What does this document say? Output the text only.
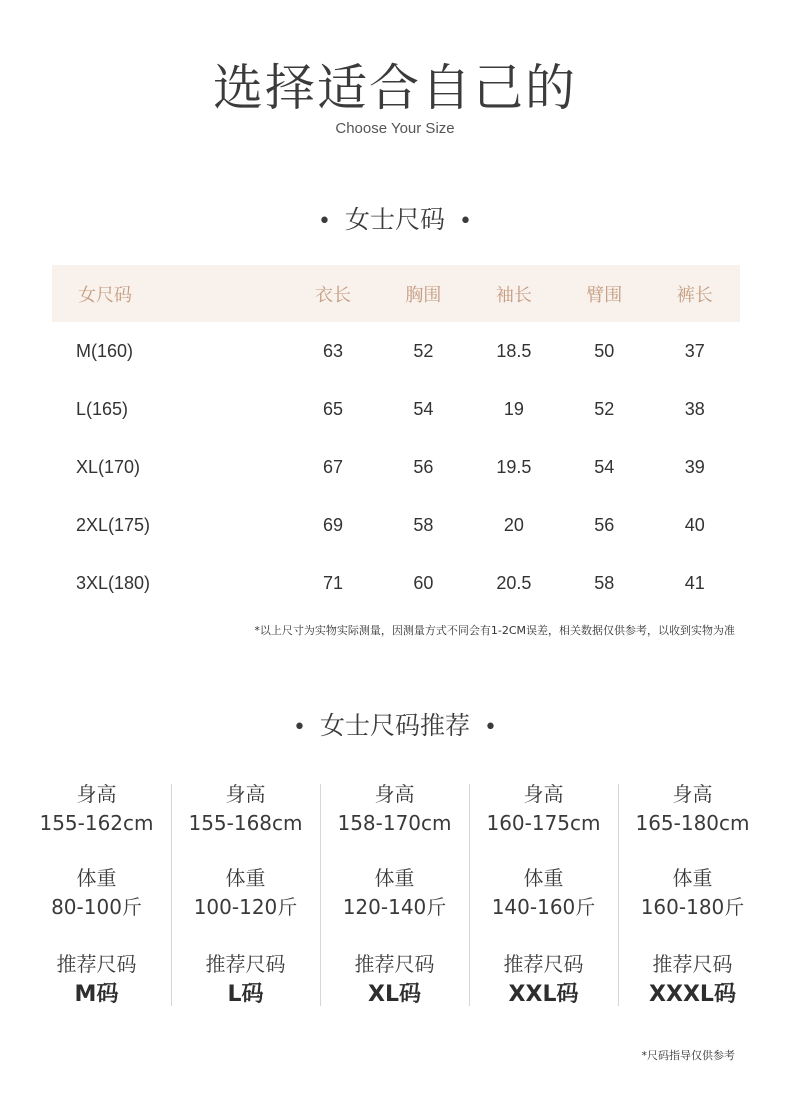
选择适合自己的
Choose Your Size
• 女士尺码 •
女尺码	衣长	胸围	袖长	臂围	裤长
M(160)	63	52	18.5	50	37
L(165)	65	54	19	52	38
XL(170)	67	56	19.5	54	39
2XL(175)	69	58	20	56	40
3XL(180)	71	60	20.5	58	41
*以上尺寸为实物实际测量，因测量方式不同会有1-2CM误差，相关数据仅供参考，以收到实物为准
• 女士尺码推荐 •
身高
155-162cm
体重
80-100斤
推荐尺码
M码
身高
155-168cm
体重
100-120斤
推荐尺码
L码
身高
158-170cm
体重
120-140斤
推荐尺码
XL码
身高
160-175cm
体重
140-160斤
推荐尺码
XXL码
身高
165-180cm
体重
160-180斤
推荐尺码
XXXL码
*尺码指导仅供参考
